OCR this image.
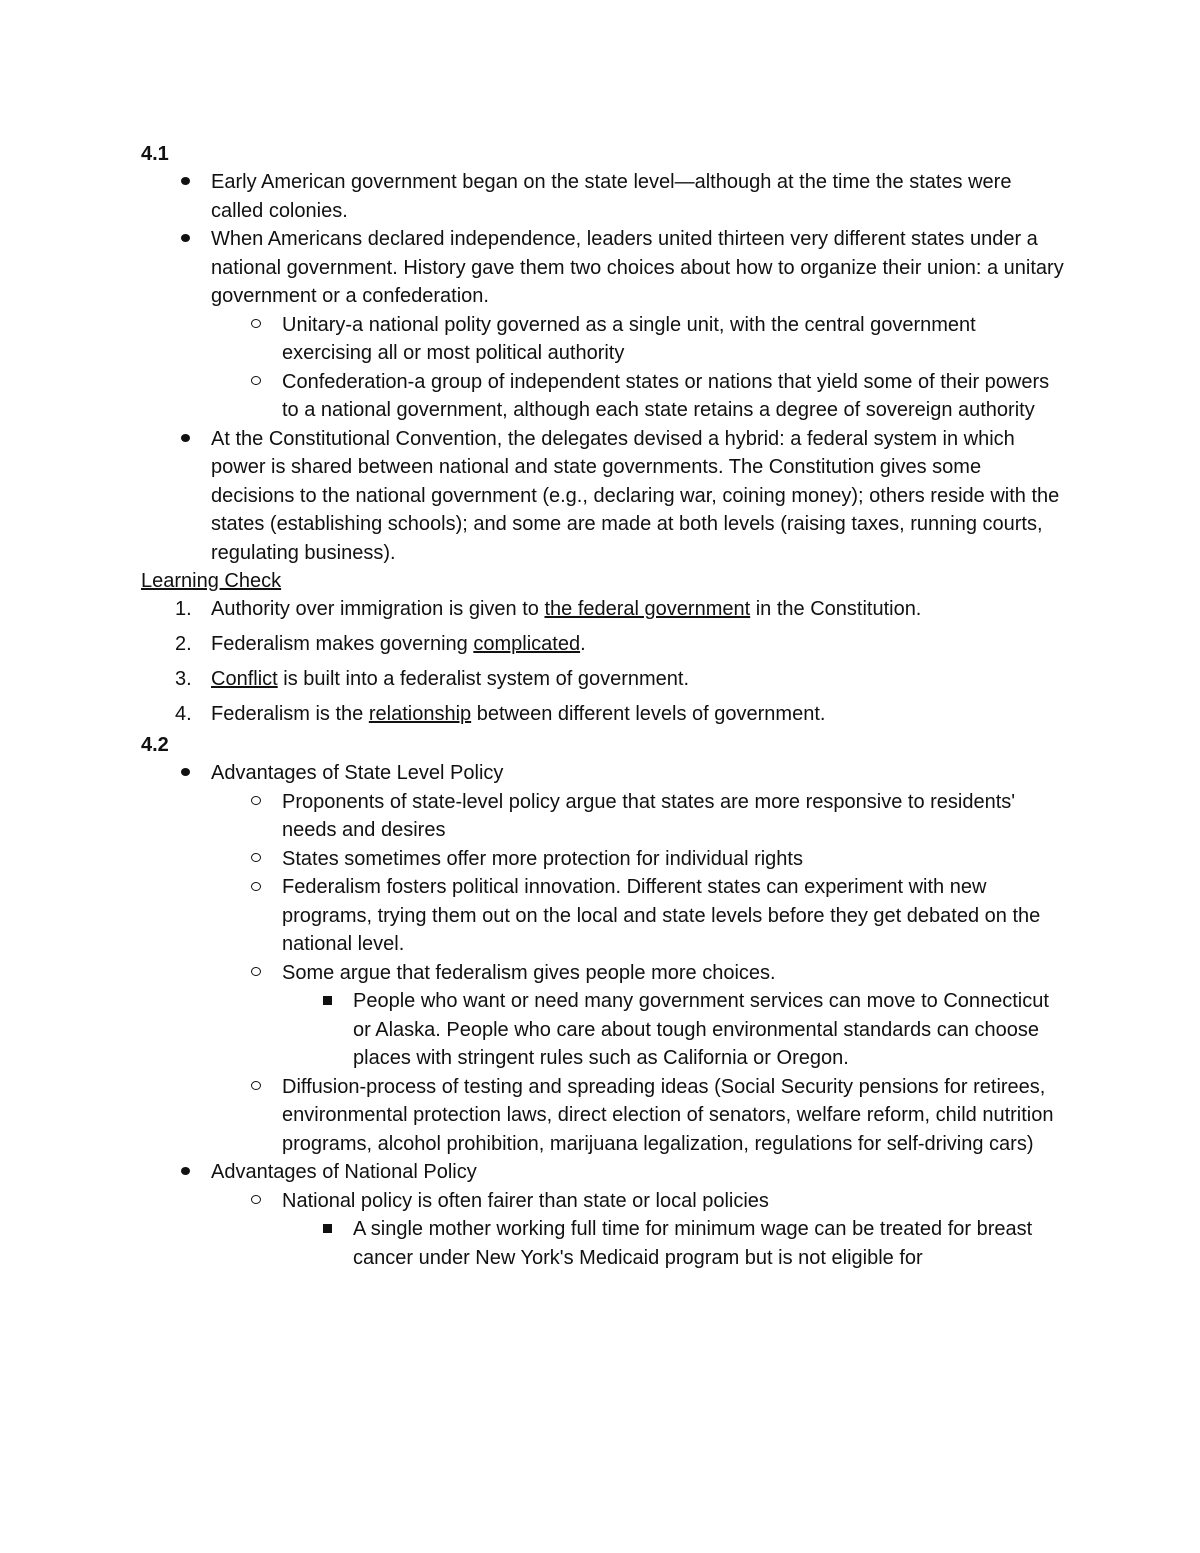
4.1

Early American government began on the state level—although at the time the states were called colonies.
When Americans declared independence, leaders united thirteen very different states under a national government. History gave them two choices about how to organize their union: a unitary government or a confederation.
Unitary-a national polity governed as a single unit, with the central government exercising all or most political authority
Confederation-a group of independent states or nations that yield some of their powers to a national government, although each state retains a degree of sovereign authority
At the Constitutional Convention, the delegates devised a hybrid: a federal system in which power is shared between national and state governments. The Constitution gives some decisions to the national government (e.g., declaring war, coining money); others reside with the states (establishing schools); and some are made at both levels (raising taxes, running courts, regulating business).

Learning Check

1. Authority over immigration is given to the federal government in the Constitution.
2. Federalism makes governing complicated.
3. Conflict is built into a federalist system of government.
4. Federalism is the relationship between different levels of government.

4.2

Advantages of State Level Policy
Proponents of state-level policy argue that states are more responsive to residents' needs and desires
States sometimes offer more protection for individual rights
Federalism fosters political innovation. Different states can experiment with new programs, trying them out on the local and state levels before they get debated on the national level.
Some argue that federalism gives people more choices.
People who want or need many government services can move to Connecticut or Alaska. People who care about tough environmental standards can choose places with stringent rules such as California or Oregon.
Diffusion-process of testing and spreading ideas (Social Security pensions for retirees, environmental protection laws, direct election of senators, welfare reform, child nutrition programs, alcohol prohibition, marijuana legalization, regulations for self-driving cars)
Advantages of National Policy
National policy is often fairer than state or local policies
A single mother working full time for minimum wage can be treated for breast cancer under New York's Medicaid program but is not eligible for
